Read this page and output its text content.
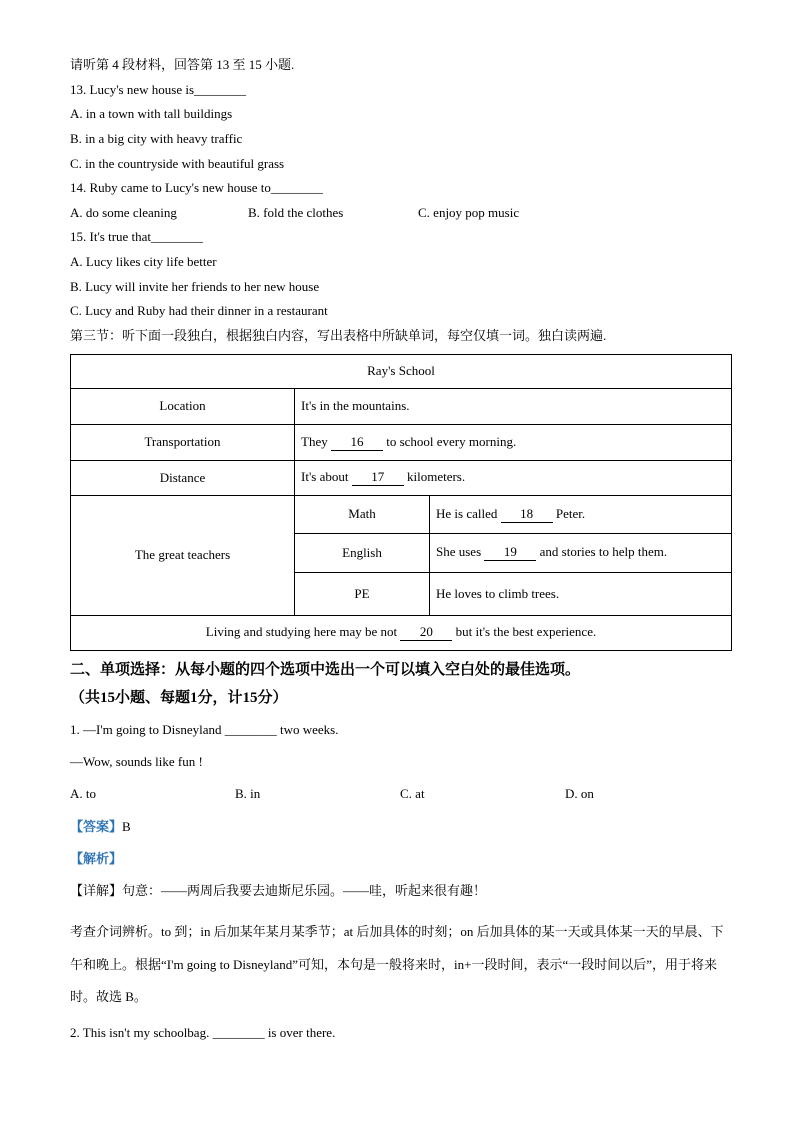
请听第 4 段材料，回答第 13 至 15 小题.

13. Lucy's new house is________

A. in a town with tall buildings

B. in a big city with heavy traffic

C. in the countryside with beautiful grass

14. Ruby came to Lucy's new house to________

A. do some cleaning	B. fold the clothes	C. enjoy pop music

15. It's true that________

A. Lucy likes city life better

B. Lucy will invite her friends to her new house

C. Lucy and Ruby had their dinner in a restaurant

第三节：听下面一段独白，根据独白内容，写出表格中所缺单词，每空仅填一词。独白读两遍.

Ray's School		
Location	It's in the mountains.	
Transportation	They 16 to school every morning.	
Distance	It's about 17 kilometers.	
The great teachers	Math	He is called 18 Peter.
	English	She uses 19 and stories to help them.
	PE	He loves to climb trees.
Living and studying here may be not 20 but it's the best experience.		

二、单项选择：从每小题的四个选项中选出一个可以填入空白处的最佳选项。

（共15小题、每题1分，计15分）

1. —I'm going to Disneyland ________ two weeks.

—Wow, sounds like fun !

A. to	B. in	C. at	D. on

【答案】B

【解析】

【详解】句意：——两周后我要去迪斯尼乐园。——哇，听起来很有趣！

考查介词辨析。to 到；in 后加某年某月某季节；at 后加具体的时刻；on 后加具体的某一天或具体某一天的早晨、下午和晚上。根据“I'm going to Disneyland”可知，本句是一般将来时，in+一段时间，表示“一段时间以后”，用于将来时。故选 B。

2. This isn't my schoolbag. ________ is over there.
